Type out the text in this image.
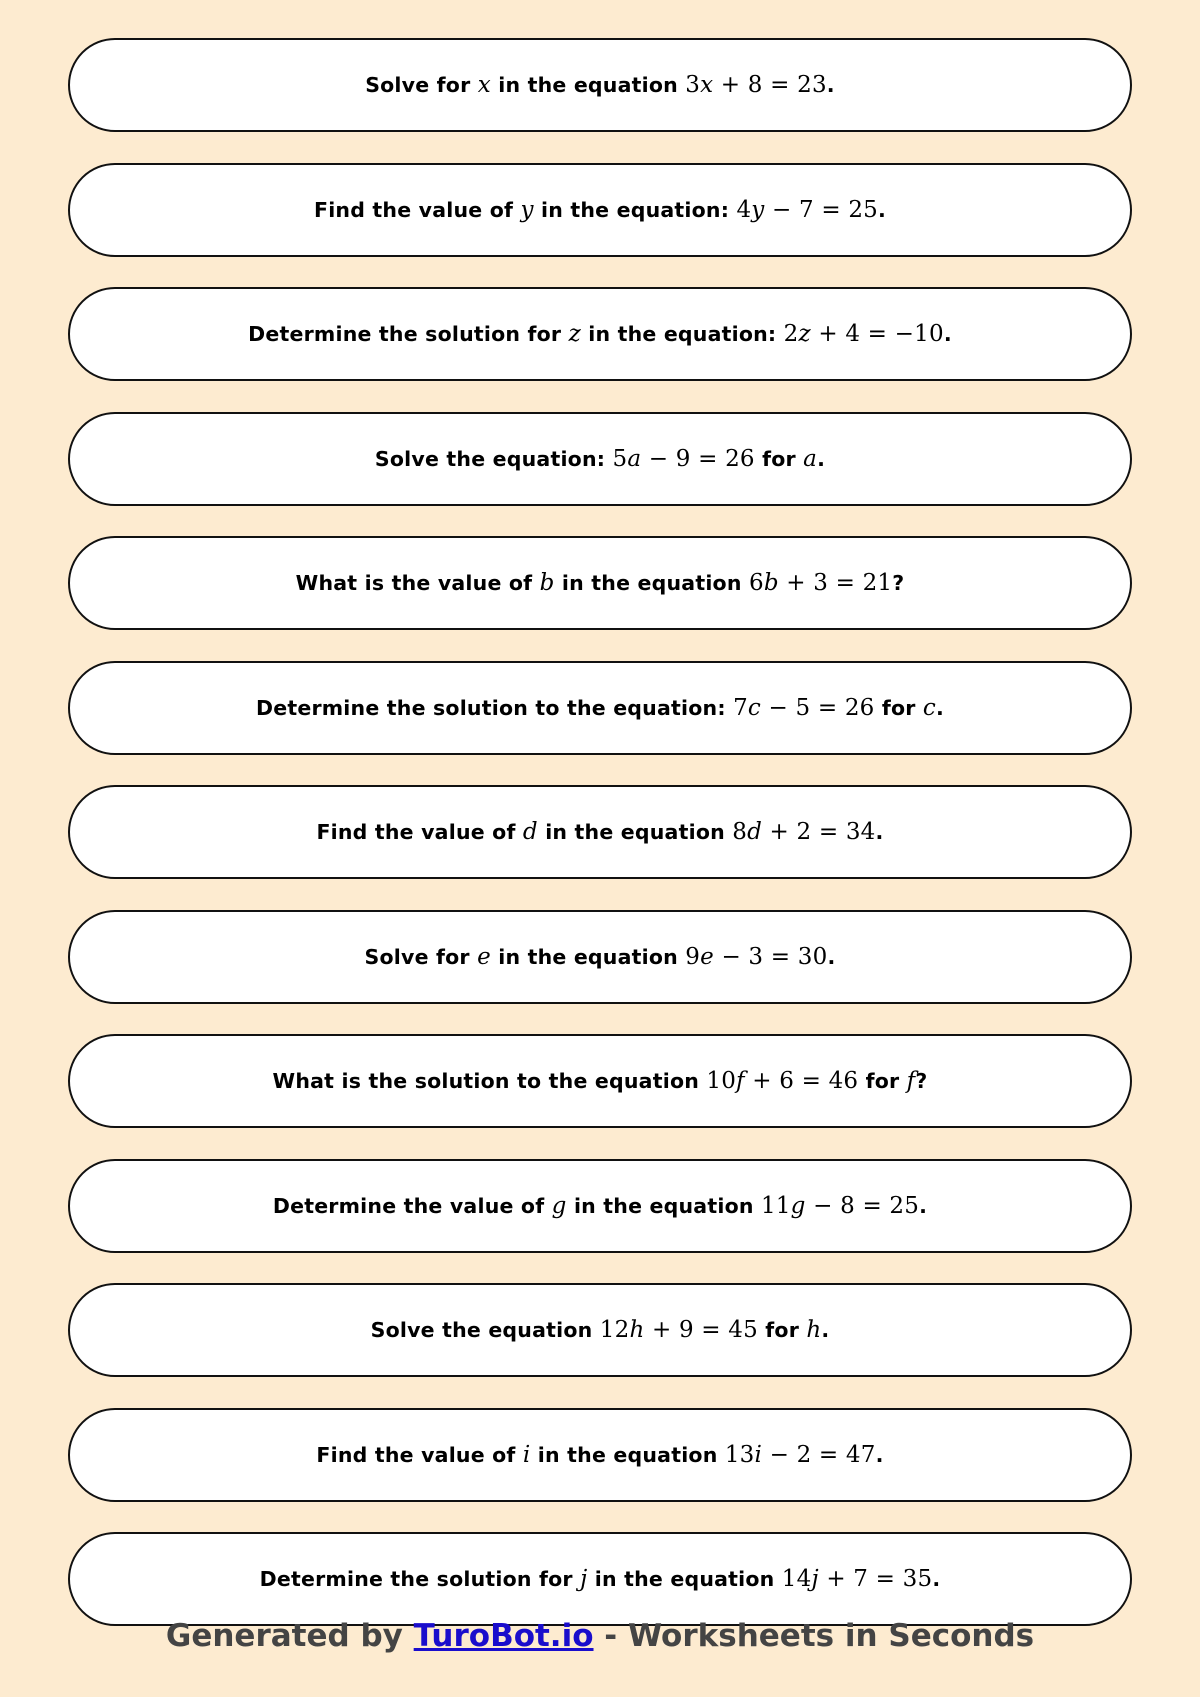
Solve for x in the equation 3x + 8 = 23.
Find the value of y in the equation: 4y − 7 = 25.
Determine the solution for z in the equation: 2z + 4 = −10.
Solve the equation: 5a − 9 = 26 for a.
What is the value of b in the equation 6b + 3 = 21?
Determine the solution to the equation: 7c − 5 = 26 for c.
Find the value of d in the equation 8d + 2 = 34.
Solve for e in the equation 9e − 3 = 30.
What is the solution to the equation 10f + 6 = 46 for f?
Determine the value of g in the equation 11g − 8 = 25.
Solve the equation 12h + 9 = 45 for h.
Find the value of i in the equation 13i − 2 = 47.
Determine the solution for j in the equation 14j + 7 = 35.
Generated by TuroBot.io - Worksheets in Seconds
